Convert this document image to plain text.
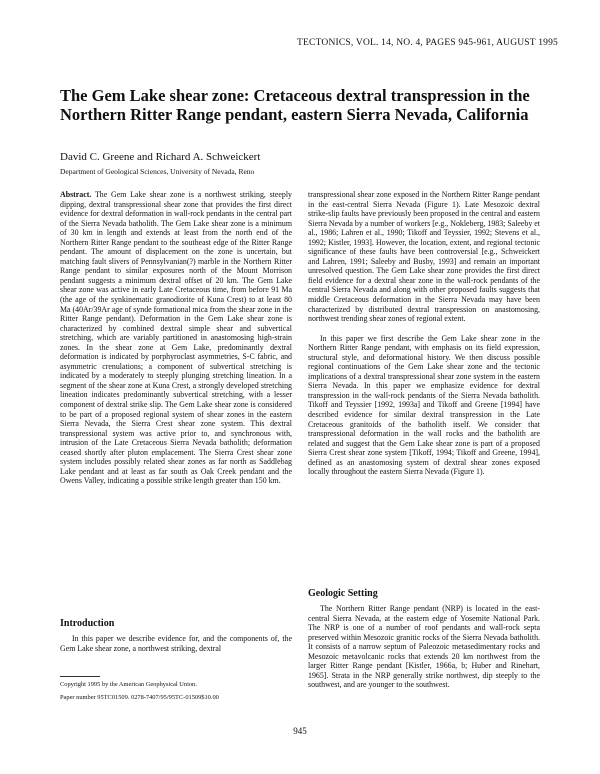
TECTONICS, VOL. 14, NO. 4, PAGES 945-961, AUGUST 1995
The Gem Lake shear zone: Cretaceous dextral transpression in the Northern Ritter Range pendant, eastern Sierra Nevada, California
David C. Greene and Richard A. Schweickert
Department of Geological Sciences, University of Nevada, Reno

Abstract. The Gem Lake shear zone is a northwest striking, steeply dipping, dextral transpressional shear zone that provides the first direct evidence for dextral deformation in wall-rock pendants in the central part of the Sierra Nevada batholith. The Gem Lake shear zone is a minimum of 30 km in length and extends at least from the north end of the Northern Ritter Range pendant to the southeast edge of the Ritter Range pendant. The amount of displacement on the zone is uncertain, but matching fault slivers of Pennsylvanian(?) marble in the Northern Ritter Range pendant to similar exposures north of the Mount Morrison pendant suggests a minimum dextral offset of 20 km. The Gem Lake shear zone was active in early Late Cretaceous time, from before 91 Ma (the age of the synkinematic granodiorite of Kuna Crest) to at least 80 Ma (40Ar/39Ar age of synde formational mica from the shear zone in the Ritter Range pendant). Deformation in the Gem Lake shear zone is characterized by combined dextral simple shear and subvertical stretching, which are variably partitioned in anastomosing high-strain zones. In the shear zone at Gem Lake, predominantly dextral deformation is indicated by porphyroclast asymmetries, S-C fabric, and asymmetric crenulations; a component of subvertical stretching is indicated by a moderately to steeply plunging stretching lineation. In a segment of the shear zone at Kuna Crest, a strongly developed stretching lineation indicates predominantly subvertical stretching, with a lesser component of dextral strike slip. The Gem Lake shear zone is considered to be part of a proposed regional system of shear zones in the eastern Sierra Nevada, the Sierra Crest shear zone system. This dextral transpressional system was active prior to, and synchronous with, intrusion of the Late Cretaceous Sierra Nevada batholith; deformation ceased shortly after pluton emplacement. The Sierra Crest shear zone system includes possibly related shear zones as far north as Saddlebag Lake pendant and at least as far south as Oak Creek pendant and the Owens Valley, indicating a possible strike length greater than 150 km.

Introduction
In this paper we describe evidence for, and the components of, the Gem Lake shear zone, a northwest striking, dextral
Copyright 1995 by the American Geophysical Union.
Paper number 95TC01509. 0278-7407/95/95TC-01509$10.00

transpressional shear zone exposed in the Northern Ritter Range pendant in the east-central Sierra Nevada (Figure 1). Late Mesozoic dextral strike-slip faults have previously been proposed in the central and eastern Sierra Nevada by a number of workers [e.g., Nokleberg, 1983; Saleeby et al., 1986; Lahren et al., 1990; Tikoff and Teyssier, 1992; Stevens et al., 1992; Kistler, 1993]. However, the location, extent, and regional tectonic significance of these faults have been controversial [e.g., Schweickert and Lahren, 1991; Saleeby and Busby, 1993] and remain an important unresolved question. The Gem Lake shear zone provides the first direct field evidence for a dextral shear zone in the wall-rock pendants of the central Sierra Nevada and along with other proposed faults suggests that middle Cretaceous deformation in the Sierra Nevada may have been characterized by distributed dextral transpression on anastomosing, northwest trending shear zones of regional extent.

In this paper we first describe the Gem Lake shear zone in the Northern Ritter Range pendant, with emphasis on its field expression, structural style, and deformational history. We then discuss possible regional continuations of the Gem Lake shear zone and the tectonic implications of a dextral transpressional shear zone system in the eastern Sierra Nevada. In this paper we emphasize evidence for dextral transpression in the wall-rock pendants of the Sierra Nevada batholith. Tikoff and Teyssier [1992, 1993a] and Tikoff and Greene [1994] have described evidence for similar dextral transpression in the Late Cretaceous granitoids of the batholith itself. We consider that transpressional deformation in the wall rocks and the batholith are related and suggest that the Gem Lake shear zone is part of a proposed Sierra Crest shear zone system [Tikoff, 1994; Tikoff and Greene, 1994], defined as an anastomosing system of dextral shear zones exposed locally throughout the eastern Sierra Nevada (Figure 1).

Geologic Setting
The Northern Ritter Range pendant (NRP) is located in the east-central Sierra Nevada, at the eastern edge of Yosemite National Park. The NRP is one of a number of roof pendants and wall-rock septa preserved within Mesozoic granitic rocks of the Sierra Nevada batholith. It consists of a narrow septum of Paleozoic metasedimentary rocks and Mesozoic metavolcanic rocks that extends 20 km northwest from the larger Ritter Range pendant [Kistler, 1966a, b; Huber and Rinehart, 1965]. Strata in the NRP generally strike northwest, dip steeply to the southwest, and are younger to the southwest.
945
